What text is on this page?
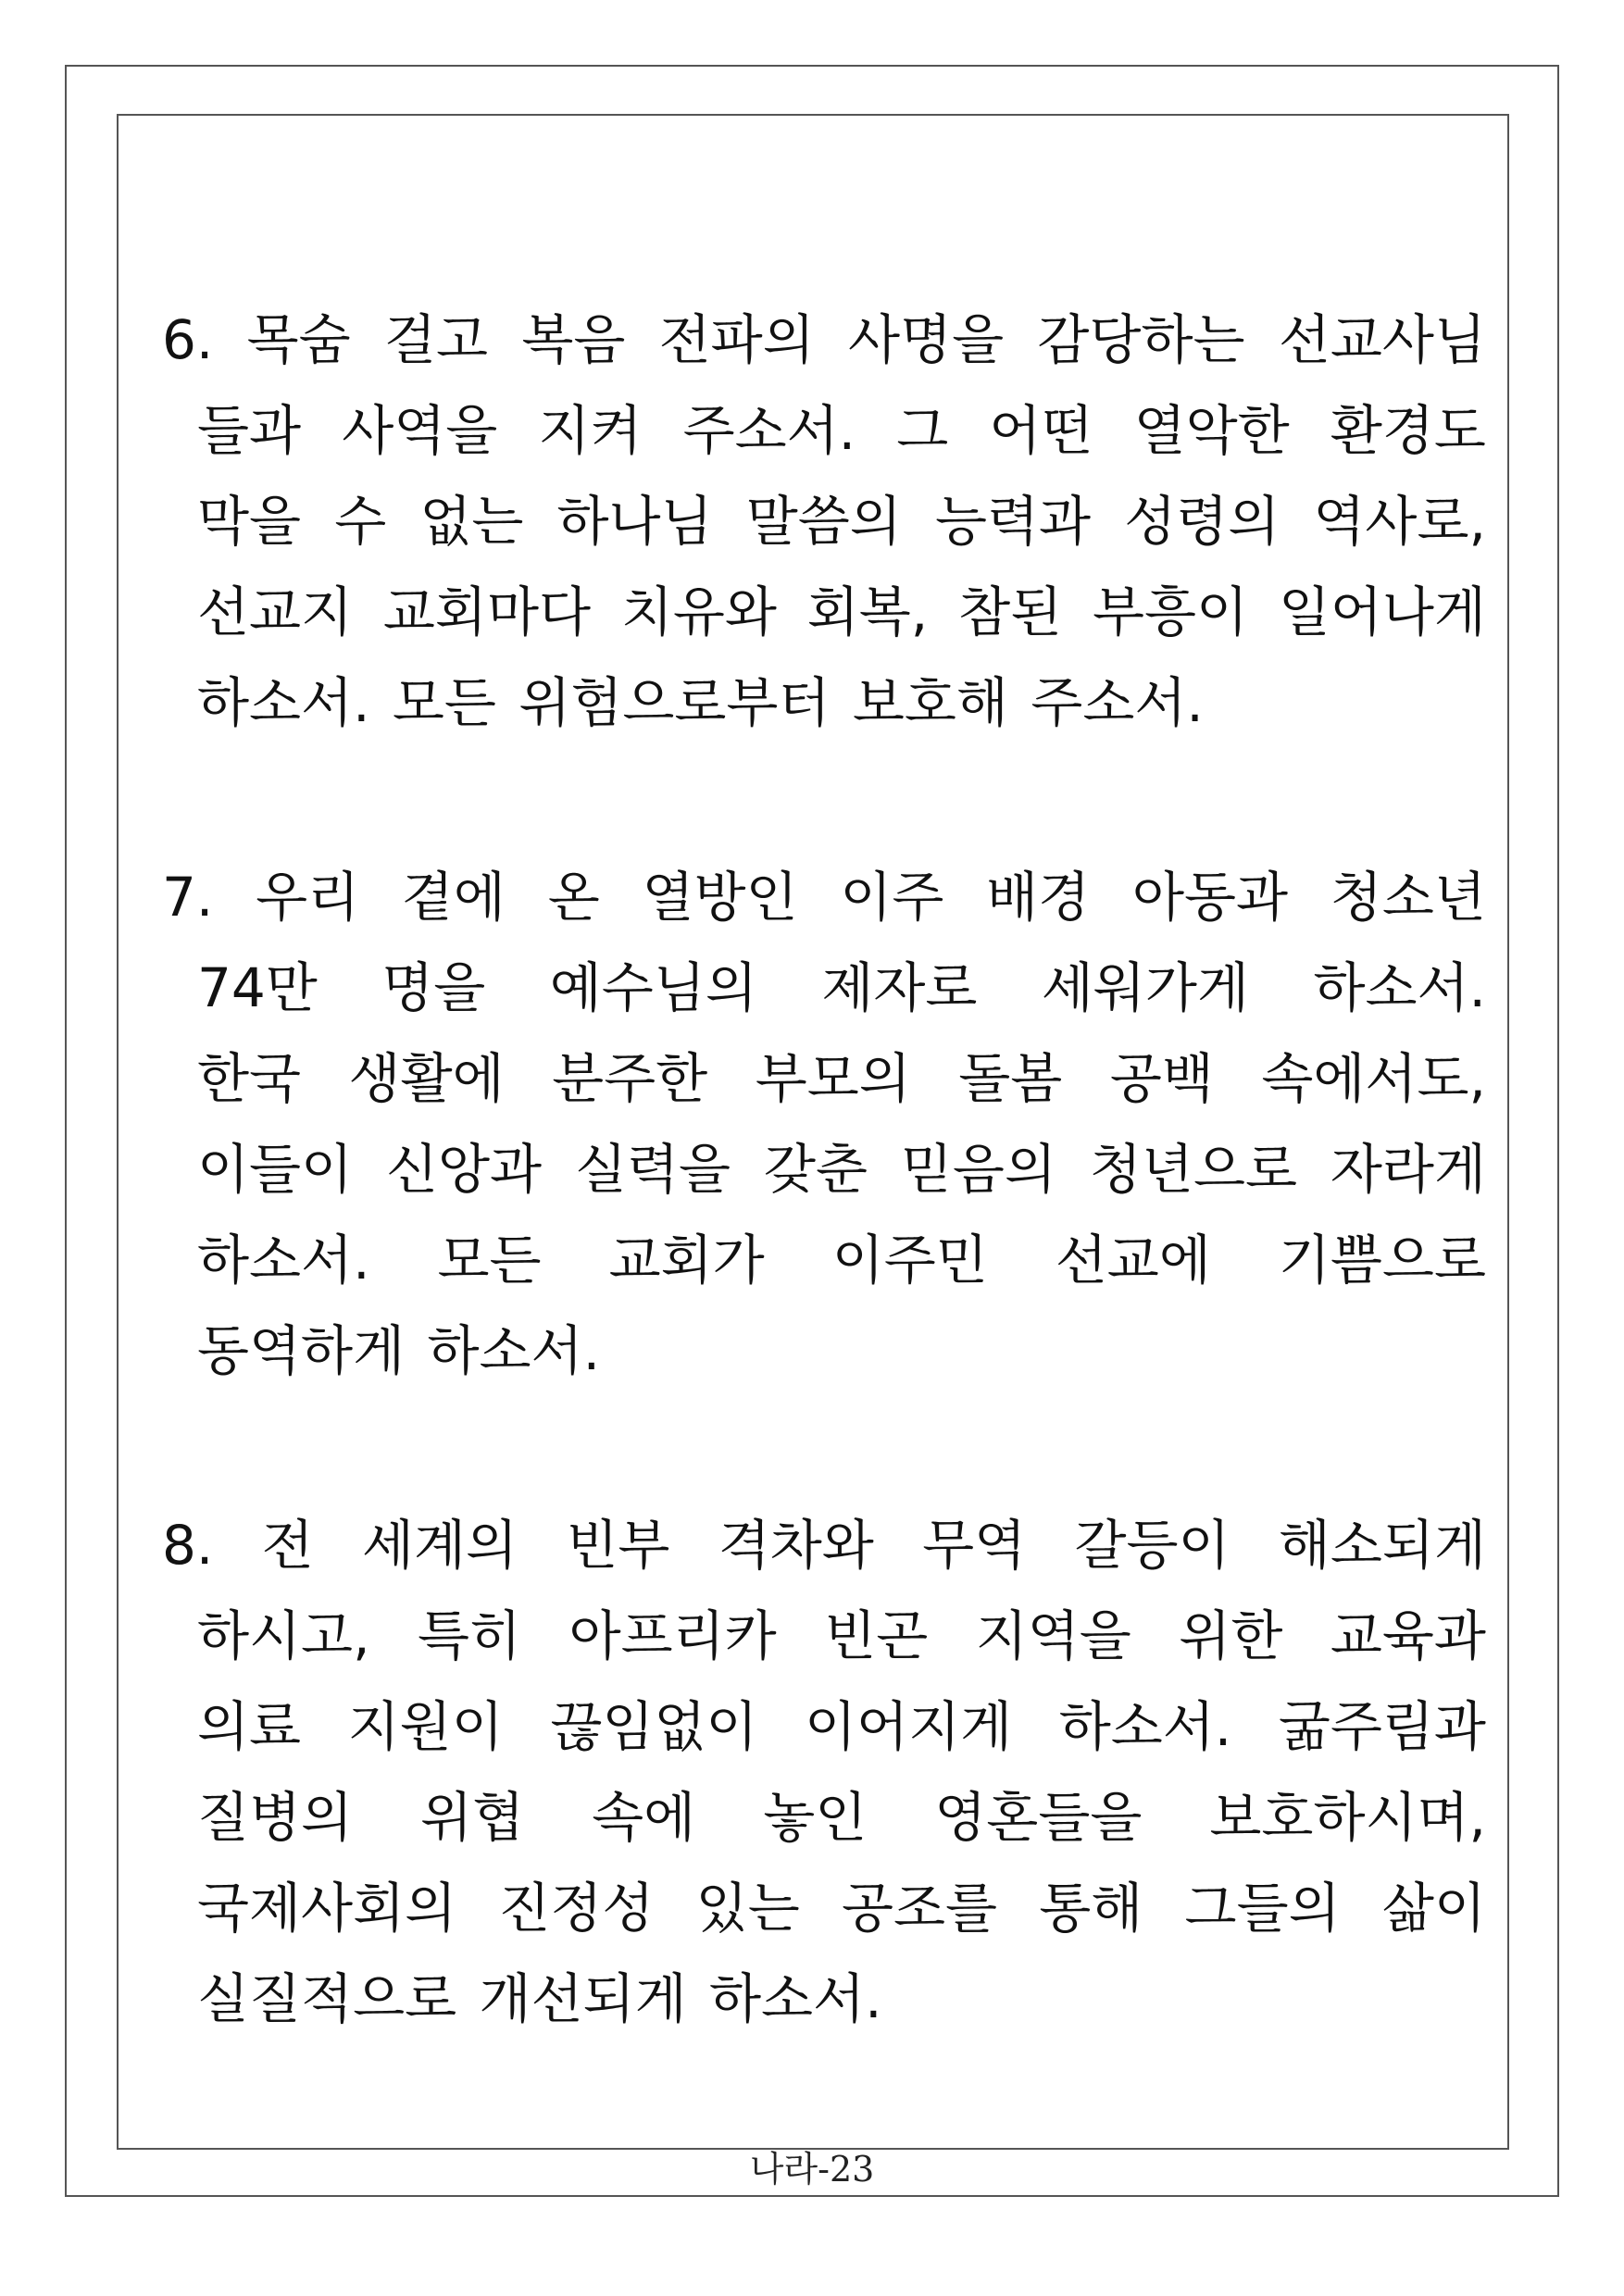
6. 목숨 걸고 복음 전파의 사명을 감당하는 선교사님
들과 사역을 지켜 주소서. 그 어떤 열악한 환경도
막을 수 없는 하나님 말씀의 능력과 성령의 역사로,
선교지 교회마다 치유와 회복, 참된 부흥이 일어나게
하소서. 모든 위험으로부터 보호해 주소서.
7. 우리 곁에 온 열방인 이주 배경 아동과 청소년
74만 명을 예수님의 제자로 세워가게 하소서.
한국 생활에 분주한 부모의 돌봄 공백 속에서도,
이들이 신앙과 실력을 갖춘 믿음의 청년으로 자라게
하소서. 모든 교회가 이주민 선교에 기쁨으로
동역하게 하소서.
8. 전 세계의 빈부 격차와 무역 갈등이 해소되게
하시고, 특히 아프리카 빈곤 지역을 위한 교육과
의료 지원이 끊임없이 이어지게 하소서. 굶주림과
질병의 위협 속에 놓인 영혼들을 보호하시며,
국제사회의 진정성 있는 공조를 통해 그들의 삶이
실질적으로 개선되게 하소서.
나라-23
